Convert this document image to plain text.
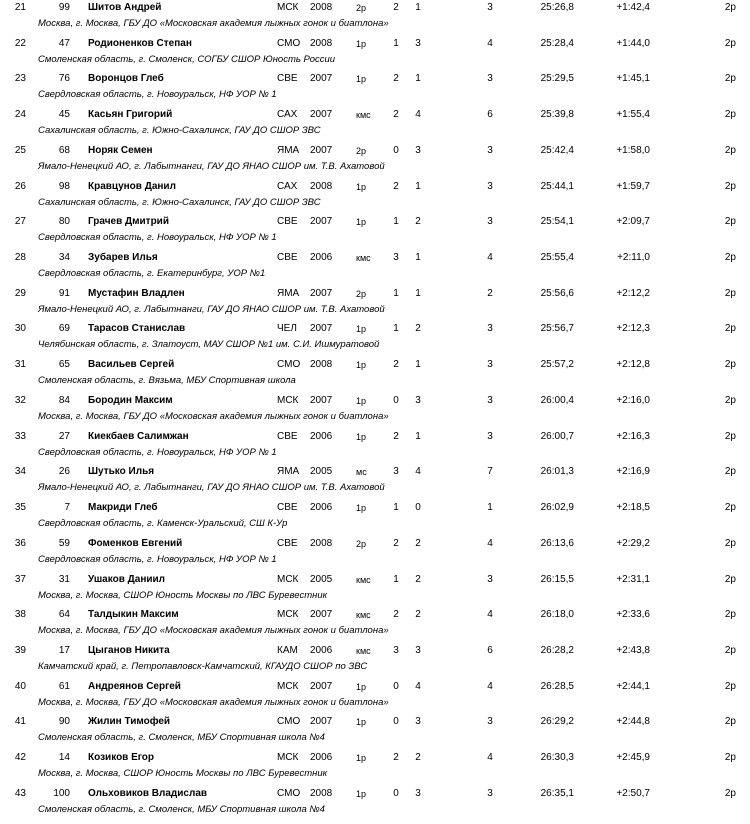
21	99 Шитов Андрей	МСК 2008	2р	2	1	3	25:26,8	+1:42,4	2р
Москва, г. Москва, ГБУ ДО «Московская академия лыжных гонок и биатлона»
22	47 Родионенков Степан	СМО 2008	1р	1	3	4	25:28,4	+1:44,0	2р
Смоленская область, г. Смоленск, СОГБУ СШОР Юность России
23	76 Воронцов Глеб	СВЕ 2007	1р	2	1	3	25:29,5	+1:45,1	2р
Свердловская область, г. Новоуральск, НФ УОР № 1
24	45 Касьян Григорий	САХ 2007	кмс	2	4	6	25:39,8	+1:55,4	2р
Сахалинская область, г. Южно-Сахалинск, ГАУ ДО СШОР ЗВС
25	68 Норяк Семен	ЯМА 2007	2р	0	3	3	25:42,4	+1:58,0	2р
Ямало-Ненецкий АО, г. Лабытнанги, ГАУ ДО ЯНАО СШОР им. Т.В. Ахатовой
26	98 Кравцунов Данил	САХ 2008	1р	2	1	3	25:44,1	+1:59,7	2р
Сахалинская область, г. Южно-Сахалинск, ГАУ ДО СШОР ЗВС
27	80 Грачев Дмитрий	СВЕ 2007	1р	1	2	3	25:54,1	+2:09,7	2р
Свердловская область, г. Новоуральск, НФ УОР № 1
28	34 Зубарев Илья	СВЕ 2006	кмс	3	1	4	25:55,4	+2:11,0	2р
Свердловская область, г. Екатеринбург, УОР №1
29	91 Мустафин Владлен	ЯМА 2007	2р	1	1	2	25:56,6	+2:12,2	2р
Ямало-Ненецкий АО, г. Лабытнанги, ГАУ ДО ЯНАО СШОР им. Т.В. Ахатовой
30	69 Тарасов Станислав	ЧЕЛ 2007	1р	1	2	3	25:56,7	+2:12,3	2р
Челябинская область, г. Златоуст, МАУ СШОР №1 им. С.И. Ишмуратовой
31	65 Васильев Сергей	СМО 2008	1р	2	1	3	25:57,2	+2:12,8	2р
Смоленская область, г. Вязьма, МБУ Спортивная школа
32	84 Бородин Максим	МСК 2007	1р	0	3	3	26:00,4	+2:16,0	2р
Москва, г. Москва, ГБУ ДО «Московская академия лыжных гонок и биатлона»
33	27 Киекбаев Салимжан	СВЕ 2006	1р	2	1	3	26:00,7	+2:16,3	2р
Свердловская область, г. Новоуральск, НФ УОР № 1
34	26 Шутько Илья	ЯМА 2005	мс	3	4	7	26:01,3	+2:16,9	2р
Ямало-Ненецкий АО, г. Лабытнанги, ГАУ ДО ЯНАО СШОР им. Т.В. Ахатовой
35	7 Макриди Глеб	СВЕ 2006	1р	1	0	1	26:02,9	+2:18,5	2р
Свердловская область, г. Каменск-Уральский, СШ К-Ур
36	59 Фоменков Евгений	СВЕ 2008	2р	2	2	4	26:13,6	+2:29,2	2р
Свердловская область, г. Новоуральск, НФ УОР № 1
37	31 Ушаков Даниил	МСК 2005	кмс	1	2	3	26:15,5	+2:31,1	2р
Москва, г. Москва, СШОР Юность Москвы по ЛВС Буревестник
38	64 Талдыкин Максим	МСК 2007	кмс	2	2	4	26:18,0	+2:33,6	2р
Москва, г. Москва, ГБУ ДО «Московская академия лыжных гонок и биатлона»
39	17 Цыганов Никита	КАМ 2006	кмс	3	3	6	26:28,2	+2:43,8	2р
Камчатский край, г. Петропавловск-Камчатский, КГАУДО СШОР по ЗВС
40	61 Андреянов Сергей	МСК 2007	1р	0	4	4	26:28,5	+2:44,1	2р
Москва, г. Москва, ГБУ ДО «Московская академия лыжных гонок и биатлона»
41	90 Жилин Тимофей	СМО 2007	1р	0	3	3	26:29,2	+2:44,8	2р
Смоленская область, г. Смоленск, МБУ Спортивная школа №4
42	14 Козиков Егор	МСК 2006	1р	2	2	4	26:30,3	+2:45,9	2р
Москва, г. Москва, СШОР Юность Москвы по ЛВС Буревестник
43	100 Ольховиков Владислав	СМО 2008	1р	0	3	3	26:35,1	+2:50,7	2р
Смоленская область, г. Смоленск, МБУ Спортивная школа №4
